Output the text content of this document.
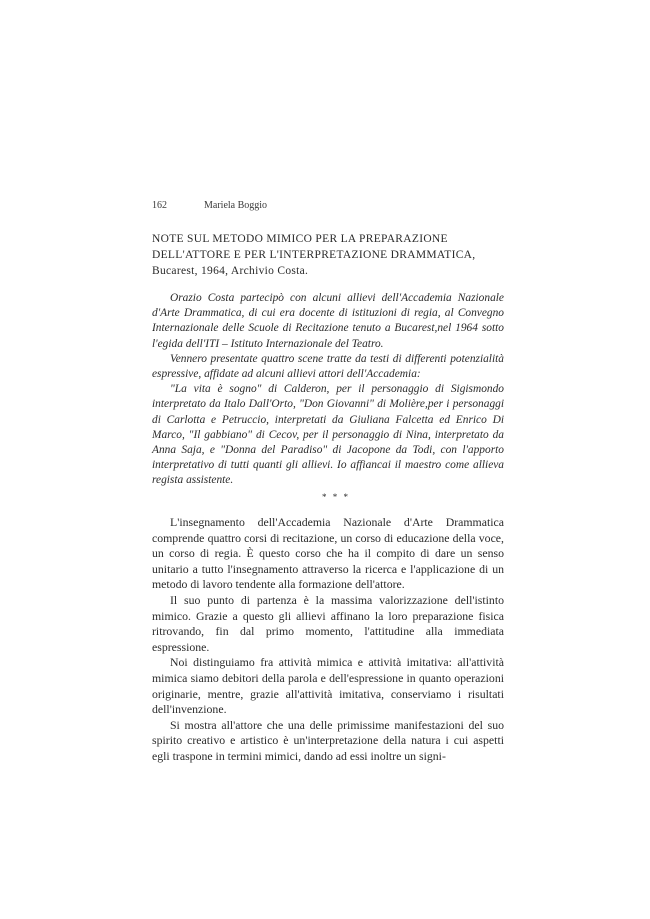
162	Mariela Boggio
NOTE SUL METODO MIMICO PER LA PREPARAZIONE
DELL'ATTORE E PER L'INTERPRETAZIONE DRAMMATICA,
Bucarest, 1964, Archivio Costa.

Orazio Costa partecipò con alcuni allievi dell'Accademia Nazionale d'Arte Drammatica, di cui era docente di istituzioni di regia, al Convegno Internazionale delle Scuole di Recitazione tenuto a Bucarest,nel 1964 sotto l'egida dell'ITI – Istituto Internazionale del Teatro.

Vennero presentate quattro scene tratte da testi di differenti potenzialità espressive, affidate ad alcuni allievi attori dell'Accademia:

"La vita è sogno" di Calderon, per il personaggio di Sigismondo interpretato da Italo Dall'Orto, "Don Giovanni" di Molière,per i personaggi di Carlotta e Petruccio, interpretati da Giuliana Falcetta ed Enrico Di Marco, "Il gabbiano" di Cecov, per il personaggio di Nina, interpretato da Anna Saja, e "Donna del Paradiso" di Jacopone da Todi, con l'apporto interpretativo di tutti quanti gli allievi. Io affiancai il maestro come allieva regista assistente.

* * *

L'insegnamento dell'Accademia Nazionale d'Arte Drammatica comprende quattro corsi di recitazione, un corso di educazione della voce, un corso di regia. È questo corso che ha il compito di dare un senso unitario a tutto l'insegnamento attraverso la ricerca e l'applicazione di un metodo di lavoro tendente alla formazione dell'attore.

Il suo punto di partenza è la massima valorizzazione dell'istinto mimico. Grazie a questo gli allievi affinano la loro preparazione fisica ritrovando, fin dal primo momento, l'attitudine alla immediata espressione.

Noi distinguiamo fra attività mimica e attività imitativa: all'attività mimica siamo debitori della parola e dell'espressione in quanto operazioni originarie, mentre, grazie all'attività imitativa, conserviamo i risultati dell'invenzione.

Si mostra all'attore che una delle primissime manifestazioni del suo spirito creativo e artistico è un'interpretazione della natura i cui aspetti egli traspone in termini mimici, dando ad essi inoltre un signi-
